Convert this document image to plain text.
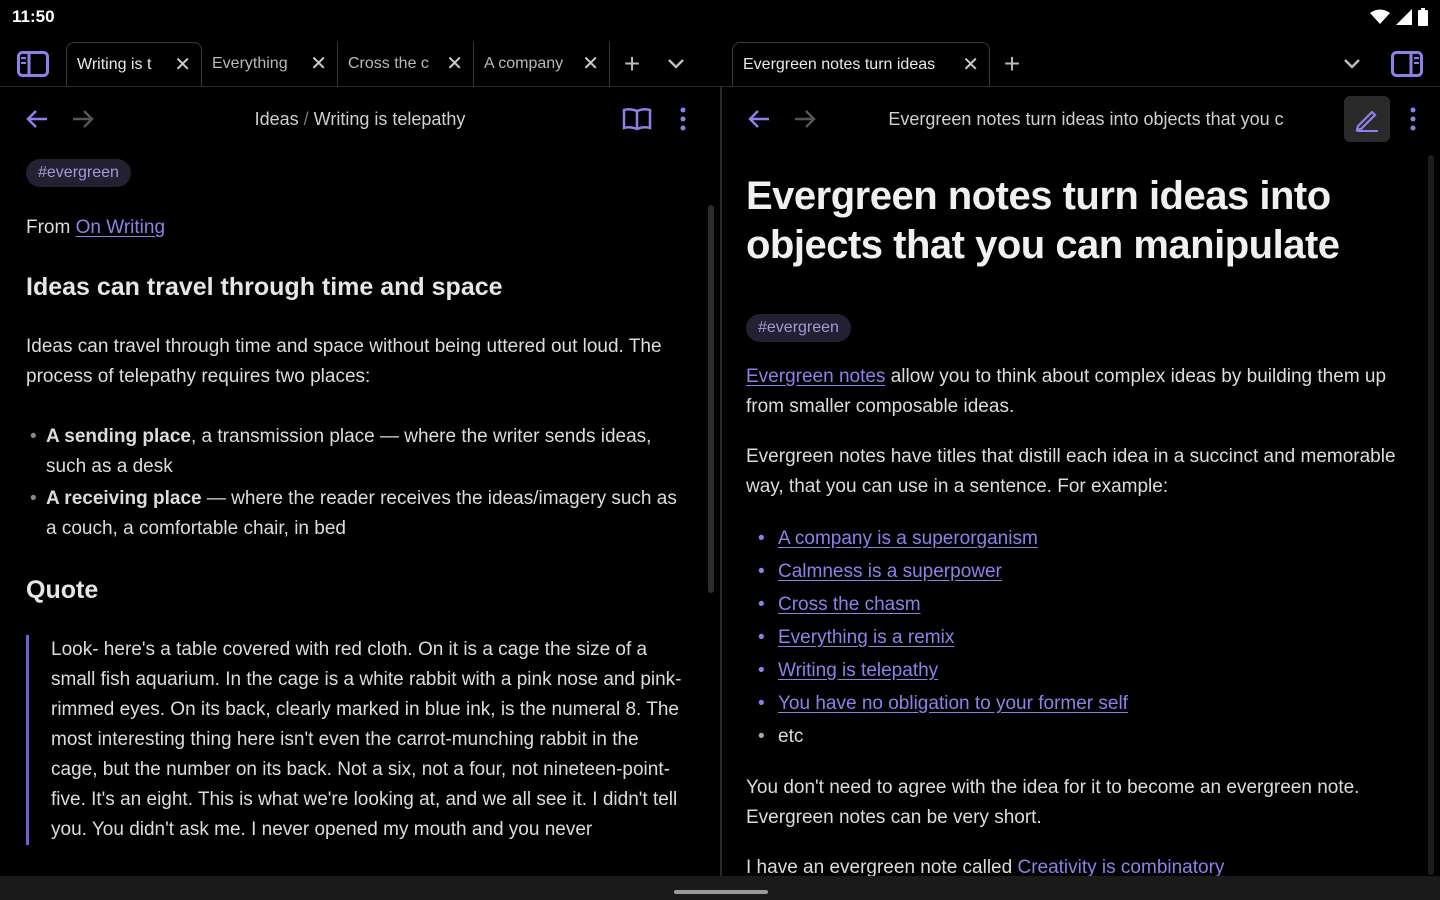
11:50
Writing is t	✕ Everything	✕ Cross the c ✕ A company ✕ +	Evergreen notes turn ideas	✕ +
Ideas / Writing is telepathy	Evergreen notes turn ideas into objects that you c
#evergreen

From On Writing

Ideas can travel through time and space

Ideas can travel through time and space without being uttered out loud. The process of telepathy requires two places:

• A sending place, a transmission place — where the writer sends ideas, such as a desk
• A receiving place — where the reader receives the ideas/imagery such as a couch, a comfortable chair, in bed
Quote

Look- here's a table covered with red cloth. On it is a cage the size of a small fish aquarium. In the cage is a white rabbit with a pink nose and pink-rimmed eyes. On its back, clearly marked in blue ink, is the numeral 8. The most interesting thing here isn't even the carrot-munching rabbit in the cage, but the number on its back. Not a six, not a four, not nineteen-point-five. It's an eight. This is what we're looking at, and we all see it. I didn't tell you. You didn't ask me. I never opened my mouth and you never

Evergreen notes turn ideas into objects that you can manipulate
#evergreen

Evergreen notes allow you to think about complex ideas by building them up from smaller composable ideas.

Evergreen notes have titles that distill each idea in a succinct and memorable way, that you can use in a sentence. For example:

• A company is a superorganism
• Calmness is a superpower
• Cross the chasm
• Everything is a remix
• Writing is telepathy
• You have no obligation to your former self
• etc

You don't need to agree with the idea for it to become an evergreen note. Evergreen notes can be very short.

I have an evergreen note called Creativity is combinatory
